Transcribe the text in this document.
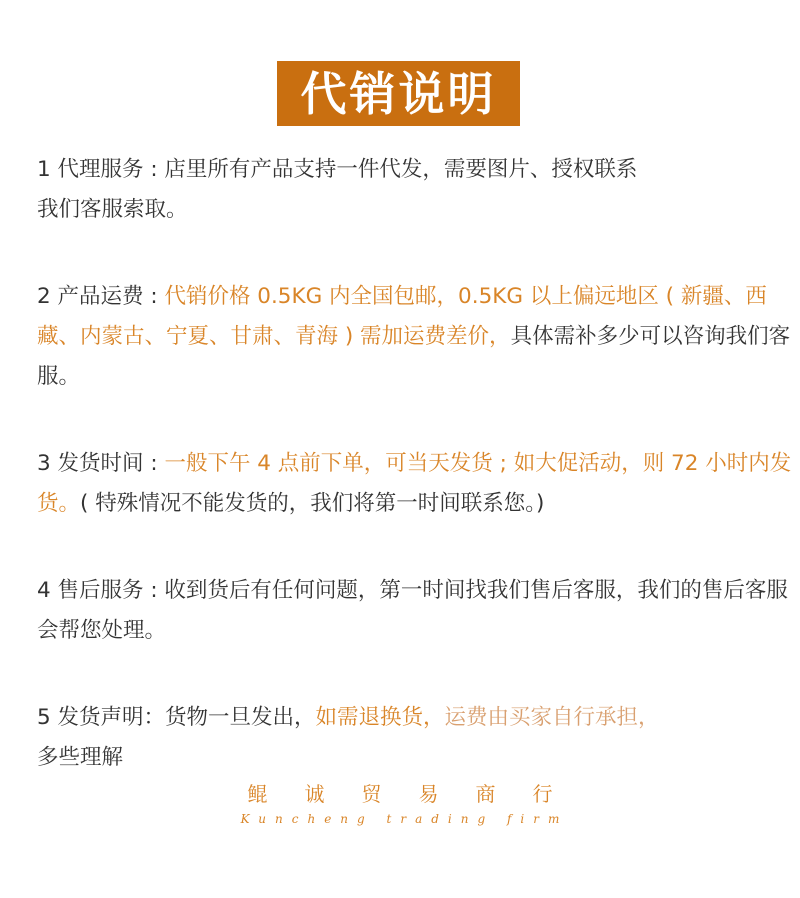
代销说明
1 代理服务 : 店里所有产品支持一件代发，需要图片、授权联系
我们客服索取。
2 产品运费 : 代销价格 0.5KG 内全国包邮，0.5KG 以上偏远地区 ( 新疆、西藏、内蒙古、宁夏、甘肃、青海 ) 需加运费差价，具体需补多少可以咨询我们客服。
3 发货时间 : 一般下午 4 点前下单，可当天发货 ; 如大促活动，则 72 小时内发货。( 特殊情况不能发货的，我们将第一时间联系您。)
4 售后服务 : 收到货后有任何问题，第一时间找我们售后客服，我们的售后客服会帮您处理。
5 发货声明：货物一旦发出，如需退换货，运费由买家自行承担，
多些理解
鲲诚贸易商行
Kuncheng trading firm
